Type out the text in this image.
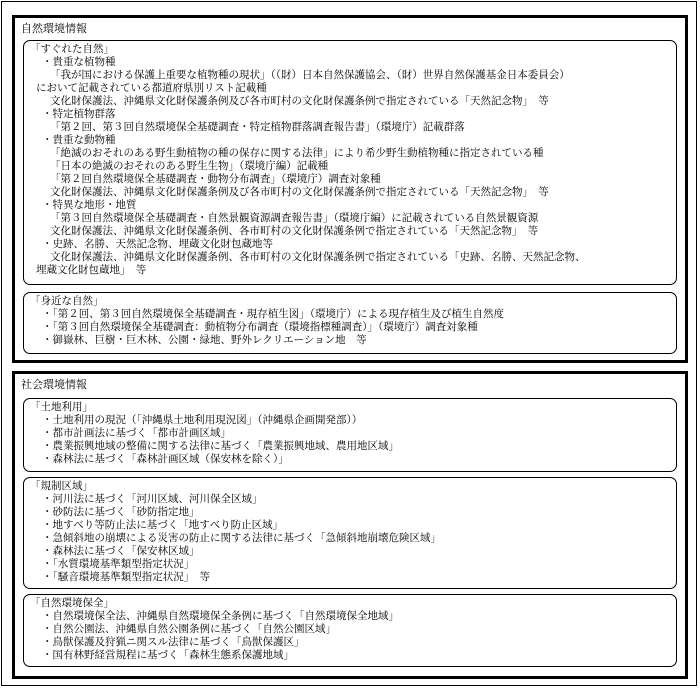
自然環境情報
「すぐれた自然」
・貴重な植物種
「我が国における保護上重要な植物種の現状」（（財）日本自然保護協会、（財）世界自然保護基金日本委員会）
において記載されている都道府県別リスト記載種
文化財保護法、沖縄県文化財保護条例及び各市町村の文化財保護条例で指定されている「天然記念物」　等
・特定植物群落
「第２回、第３回自然環境保全基礎調査・特定植物群落調査報告書」（環境庁）記載群落
・貴重な動物種
「絶滅のおそれのある野生動植物の種の保存に関する法律」により希少野生動植物種に指定されている種
「日本の絶滅のおそれのある野生生物」（環境庁編）記載種
「第２回自然環境保全基礎調査・動物分布調査」（環境庁）調査対象種
文化財保護法、沖縄県文化財保護条例及び各市町村の文化財保護条例で指定されている「天然記念物」　等
・特異な地形・地質
「第３回自然環境保全基礎調査・自然景観資源調査報告書」（環境庁編）に記載されている自然景観資源
文化財保護法、沖縄県文化財保護条例、各市町村の文化財保護条例で指定されている「天然記念物」　等
・史跡、名勝、天然記念物、埋蔵文化財包蔵地等
文化財保護法、沖縄県文化財保護条例、各市町村の文化財保護条例で指定されている「史跡、名勝、天然記念物、
埋蔵文化財包蔵地」　等
「身近な自然」
・「第２回、第３回自然環境保全基礎調査・現存植生図」（環境庁）による現存植生及び植生自然度
・「第３回自然環境保全基礎調査：動植物分布調査（環境指標種調査）」（環境庁）調査対象種
・御嶽林、巨樹・巨木林、公園・緑地、野外レクリエーション地　等
社会環境情報
「土地利用」
・土地利用の現況（「沖縄県土地利用現況図」（沖縄県企画開発部））
・都市計画法に基づく「都市計画区域」
・農業振興地域の整備に関する法律に基づく「農業振興地域、農用地区域」
・森林法に基づく「森林計画区域（保安林を除く）」
「規制区域」
・河川法に基づく「河川区域、河川保全区域」
・砂防法に基づく「砂防指定地」
・地すべり等防止法に基づく「地すべり防止区域」
・急傾斜地の崩壊による災害の防止に関する法律に基づく「急傾斜地崩壊危険区域」
・森林法に基づく「保安林区域」
・「水質環境基準類型指定状況」
・「騒音環境基準類型指定状況」　等
「自然環境保全」
・自然環境保全法、沖縄県自然環境保全条例に基づく「自然環境保全地域」
・自然公園法、沖縄県自然公園条例に基づく「自然公園区域」
・鳥獣保護及狩猟ニ関スル法律に基づく「鳥獣保護区」
・国有林野経営規程に基づく「森林生態系保護地域」
